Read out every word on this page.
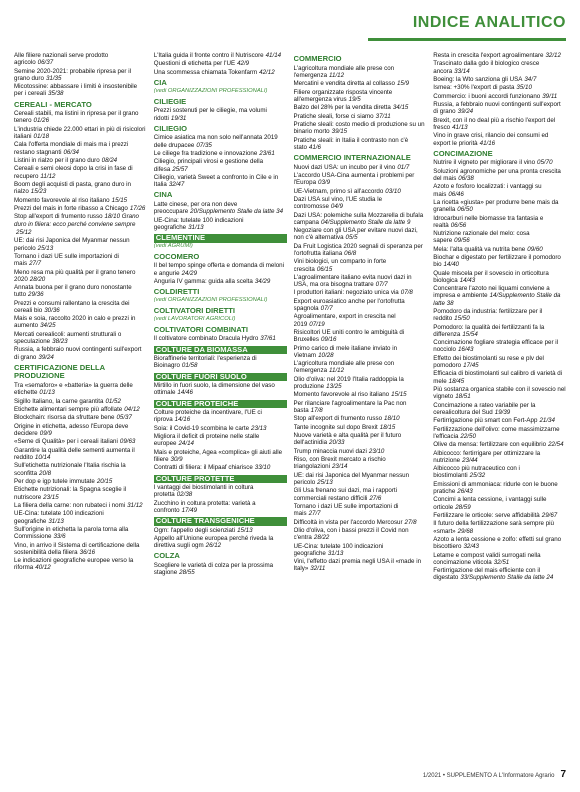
INDICE ANALITICO
Alle filiere nazionali serve prodotto agricolo 06/37
Semine 2020-2021: probabile ripresa per il grano duro 31/35
Micotossine: abbassare i limiti è insostenibile per i cereali 35/38
CEREALI - MERCATO
Cereali stabili, ma listini in ripresa per il grano tenero 01/26
L'industria chiede 22.000 ettari in più di risicolori italiani 01/18
Cala l'offerta mondiale di mais ma i prezzi restano stagnanti 06/34
Listini in rialzo per il grano duro 08/24
Cereali e semi oleosi dopo la crisi in fase di recupero 11/12
Boom degli acquisti di pasta, grano duro in rialzo 15/23
Momento favorevole al riso italiano 15/15
Prezzi del mais in forte ribasso a Chicago 17/26
Stop all'export di frumento russo 18/10 Grano duro in filiera: ecco perché conviene sempre
25/12
UE: dai risi Japonica del Myanmar nessun pericolo 25/13
Tornano i dazi UE sulle importazioni di mais 27/7
Meno resa ma più qualità per il grano tenero 2020 28/20
Annata buona per il grano duro nonostante tutto 29/36
Prezzi e consumi rallentano la crescita dei cereali bio 30/36
Mais e soia, raccolto 2020 in calo e prezzi in aumento 34/25
Mercati cerealicoli: aumenti strutturali o speculazione 38/23
Russia, a febbraio nuovi contingenti sull'export di grano 39/24
CERTIFICAZIONE DELLA PRODUZIONE
Tra «semaforo» e «batteria» la guerra delle etichette 01/13
Sigillo Italiano, la carne garantita 01/52
Etichette alimentari sempre più affollate 04/12
Blockchain: risorsa da sfruttare bene 05/37
Origine in etichetta, adesso l'Europa deve decidere 09/9
«Seme di Qualità» per i cereali italiani 09/63
Garantire la qualità delle sementi aumenta il reddito 10/14
Sull'etichetta nutrizionale l'Italia rischia la sconfitta 20/8
Per dop e igp tutele immutate 20/15
Etichette nutrizionali: la Spagna sceglie il nutriscore 23/15
La filiera della carne: non rubateci i nomi 31/12
UE-Cina: tutelate 100 indicazioni geografiche 31/13
Sull'origine in etichetta la parola torna alla Commissione 33/6
Vino, in arrivo il Sistema di certificazione della sostenibilità della filiera 36/16
Le indicazioni geografiche europee verso la riforma 40/12
L'Italia guida il fronte contro il Nutriscore 41/14
Questioni di etichetta per l'UE 42/9
Una scommessa chiamata Tokenfarm 42/12
CIA
(vedi ORGANIZZAZIONI PROFESSIONALI)
CILIEGIE
Prezzi sostenuti per le ciliegie, ma volumi ridotti 19/31
CILIEGIO
Cimice asiatica ma non solo nell'annata 2019 delle drupacee 07/35
Le ciliege fra tradizione e innovazione 23/61
Ciliegio, principali virosi e gestione della difesa 25/57
Ciliegio, varietà Sweet a confronto in Cile e in Italia 32/47
CINA
Latte cinese, per ora non deve preoccupare 20/Supplemento Stalle da latte 34
UE-Cina: tutelate 100 indicazioni geografiche 31/13
CLEMENTINE
(vedi AGRUMI)
COCOMERO
Il bel tempo spinge offerta e domanda di meloni e angurie 24/29
Anguria IV gamma: guida alla scelta 34/29
COLDIRETTI
(vedi ORGANIZZAZIONI PROFESSIONALI)
COLTIVATORI DIRETTI
(vedi LAVORATORI AGRICOLI)
COLTIVATORI COMBINATI
Il coltivatore combinato Dracula Hydro 37/61
COLTURE DA BIOMASSA
Bioraffinerie territoriali: l'esperienza di Bioinagro 01/58
COLTURE FUORI SUOLO
Mirtillo in fuori suolo, la dimensione del vaso ottimale 14/46
COLTURE PROTEICHE
Colture proteiche da incentivare, l'UE ci riprova 14/16
Soia: il Covid-19 scombina le carte 23/13
Migliora il deficit di proteine nelle stalle europee 24/14
Mais e proteiche, Agea «complica» gli aiuti alle filiere 30/9
Contratti di filiera: il Mipaaf chiarisce 33/10
COLTURE PROTETTE
I vantaggi dei biostimolanti in coltura protetta 02/38
Zucchino in coltura protetta: varietà a confronto 17/49
COLTURE TRANSGENICHE
Ogm: l'appello degli scienziati 15/13
Appello all'Unione europea perché riveda la direttiva sugli ogm 26/12
COLZA
Scegliere le varietà di colza per la prossima stagione 28/55
COMMERCIO
L'agricoltura mondiale alle prese con l'emergenza 11/12
Mercatini e vendita diretta al collasso 15/9
Filiere organizzate risposta vincente all'emergenza virus 19/5
Balzo del 28% per la vendita diretta 34/15
Pratiche sleali, forse ci siamo 37/11
Pratiche sleali: costo medio di produzione su un binario morto 39/15
Pratiche sleali: in Italia il contrasto non c'è stato 41/6
COMMERCIO INTERNAZIONALE
Nuovi dazi USA: un incubo per il vino 01/7
L'accordo USA-Cina aumenta i problemi per l'Europa 03/9
UE-Vietnam, primo sì all'accordo 03/10
Dazi USA sul vino, l'UE studia le contromosse 04/9
Dazi USA: polemiche sulla Mozzarella di bufala campana 04/Supplemento Stalle da latte 9
Negoziare con gli USA per evitare nuovi dazi, non c'è alternativa 05/5
Da Fruit Logistica 2020 segnali di speranza per l'ortofrutta italiana 06/8
Vini biologici, un comparto in forte crescita 06/15
L'agroalimentare italiano evita nuovi dazi in USA, ma ora bisogna trattare 07/7
I produttori italiani: negoziato unica via 07/8
Export euroasiatico anche per l'ortofrutta spagnola 07/7
Agroalimentare, export in crescita nel 2019 07/19
Risicoltori UE uniti contro le ambiguità di Bruxelles 09/16
Primo carico di mele italiane inviato in Vietnam 10/28
L'agricoltura mondiale alle prese con l'emergenza 11/12
Olio d'oliva: nel 2019 l'Italia raddoppia la produzione 13/25
Momento favorevole al riso italiano 15/15
Per rilanciare l'agroalimentare la Pac non basta 17/8
Stop all'export di frumento russo 18/10
Tante incognite sul dopo Brexit 18/15
Nuove varietà e alta qualità per il futuro dell'actinidia 20/33
Trump minaccia nuovi dazi 23/10
Riso, con Brexit mercato a rischio triangolazioni 23/14
UE: dai risi Japonica del Myanmar nessun pericolo 25/13
Gli Usa frenano sui dazi, ma i rapporti commerciali restano difficili 27/6
Tornano i dazi UE sulle importazioni di mais 27/7
Difficoltà in vista per l'accordo Mercosur 27/8
Olio d'oliva, con i bassi prezzi il Covid non c'entra 28/22
UE-Cina: tutelate 100 indicazioni geografiche 31/13
Vini, l'effetto dazi premia negli USA il «made in Italy» 32/11
Resta in crescita l'export agroalimentare 32/12
Trascinato dalla gdo il biologico cresce ancora 33/14
Boeing: la Wto sanziona gli USA 34/7
Ismea: +30% l'export di pasta 35/10
Commercio: i buoni accordi funzionano 39/11
Russia, a febbraio nuovi contingenti sull'export di grano 39/24
Brexit, con il no deal più a rischio l'export del fresco 41/13
Vino in grave crisi, rilancio dei consumi ed export le priorità 41/16
CONCIMAZIONE
Nutrire il vigneto per migliorare il vino 05/70
Soluzioni agronomiche per una pronta crescita del mais 06/38
Azoto e fosforo localizzati: i vantaggi su mais 06/46
La ricetta «giusta» per produrre bene mais da granella 06/50
Idrocarburi nelle biomasse tra fantasia e realtà 06/56
Nutrizione razionale del melo: cosa sapere 09/56
Mela: l'alta qualità va nutrita bene 09/60
Biochar e digestato per fertilizzare il pomodoro bio 14/40
Quale miscela per il sovescio in orticoltura biologica 14/43
Concentrare l'azoto nei liquami conviene a impresa e ambiente 14/Supplemento Stalle da latte 38
Pomodoro da industria: fertilizzare per il reddito 15/50
Pomodoro: la qualità dei fertilizzanti fa la differenza 15/54
Concimazione fogliare strategia efficace per il nocciolo 16/43
Effetto dei biostimolanti su rese e plv del pomodoro 17/45
Efficacia di biostimolanti sul calibro di varietà di mele 18/45
Più sostanza organica stabile con il sovescio nel vigneto 18/51
Concimazione a rateo variabile per la cerealicoltura del Sud 19/39
Fertirrigazione più smart con Fert-App 21/34
Fertilizzazione dell'olivo: come massimizzarne l'efficacia 22/50
Olive da mensa: fertilizzare con equilibrio 22/54
Albicocco: fertirrigare per ottimizzare la nutrizione 23/44
Albicocco più nutraceutico con i biostimolanti 25/32
Emissioni di ammoniaca: ridurle con le buone pratiche 26/43
Concimi a lenta cessione, i vantaggi sulle orticole 28/59
Fertilizzare le orticole: serve affidabilità 29/67
Il futuro della fertilizzazione sarà sempre più «smart» 29/68
Azoto a lenta cessione e zolfo: effetti sul grano biscottiero 32/43
Letame e compost validi surrogati nella concimazione viticola 32/51
Fertirrigazione del mais efficiente con il digestato 33/Supplemento Stalle da latte 24
1/2021 • SUPPLEMENTO A L'Informatore Agrario 7
